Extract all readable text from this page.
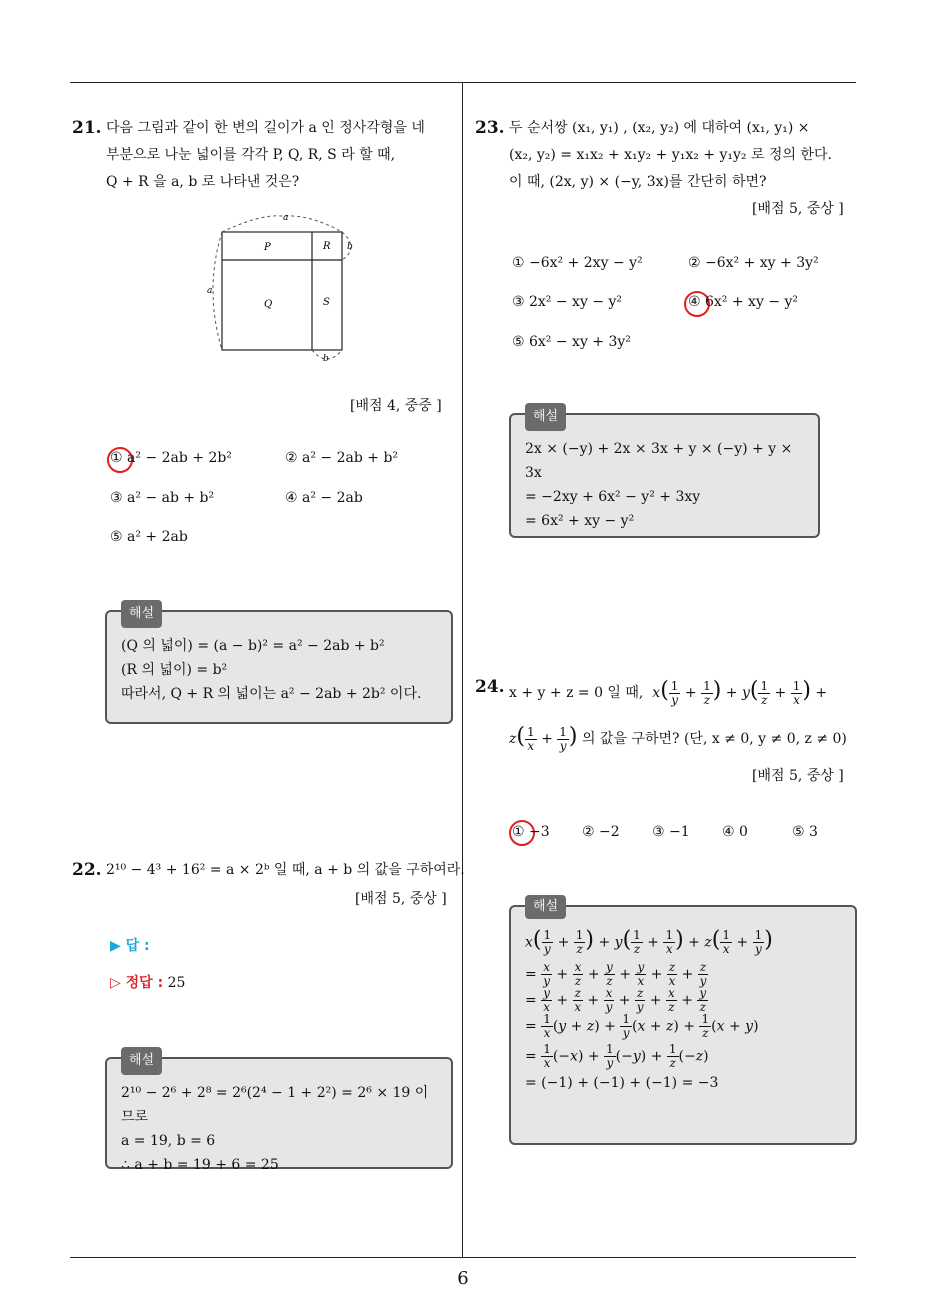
21. 다음 그림과 같이 한 변의 길이가 a 인 정사각형을 네
부분으로 나눈 넓이를 각각 P, Q, R, S 라 할 때,
Q + R 을 a, b 로 나타낸 것은?
a
a
b
b
P	R
Q	S
[배점 4, 중중 ]
① a² − 2ab + 2b²	② a² − 2ab + b²
③ a² − ab + b²	④ a² − 2ab
⑤ a² + 2ab
해설
(Q 의 넓이) = (a − b)² = a² − 2ab + b²
(R 의 넓이) = b²
따라서, Q + R 의 넓이는 a² − 2ab + 2b² 이다.
22. 2¹⁰ − 4³ + 16² = a × 2ᵇ 일 때, a + b 의 값을 구하여라.
[배점 5, 중상 ]
▶ 답 :
▷ 정답 : 25
해설
2¹⁰ − 2⁶ + 2⁸ = 2⁶(2⁴ − 1 + 2²) = 2⁶ × 19 이므로
a = 19, b = 6
∴ a + b = 19 + 6 = 25
23. 두 순서쌍 (x₁, y₁) , (x₂, y₂) 에 대하여 (x₁, y₁) ×
(x₂, y₂) = x₁x₂ + x₁y₂ + y₁x₂ + y₁y₂ 로 정의 한다.
이 때, (2x, y) × (−y, 3x)를 간단히 하면?
[배점 5, 중상 ]
① −6x² + 2xy − y²	② −6x² + xy + 3y²
③ 2x² − xy − y²	④ 6x² + xy − y²
⑤ 6x² − xy + 3y²
해설
2x × (−y) + 2x × 3x + y × (−y) + y × 3x
= −2xy + 6x² − y² + 3xy
= 6x² + xy − y²
24. x + y + z = 0 일 때,  $x( \frac{1}{y} + \frac{1}{z}$ ) + $y( \frac{1}{z} + \frac{1}{x}$ ) +
$z( \frac{1}{x} + \frac{1}{y}$ ) 의 값을 구하면? (단, x ≠ 0, y ≠ 0, z ≠ 0)
[배점 5, 중상 ]
① −3 ② −2 ③ −1 ④ 0	⑤ 3
해설
$x( \frac{1}{y} + \frac{1}{z}$ ) + $y( \frac{1}{z} + \frac{1}{x}$ ) + $z( \frac{1}{x} + \frac{1}{y}$ )
= $\frac{x}{y} + \frac{x}{z} + \frac{y}{z} + \frac{y}{x} + \frac{z}{x} + \frac{z}{y}$
= $\frac{y}{x} + \frac{z}{x} + \frac{x}{y} + \frac{z}{y} + \frac{x}{z} + \frac{y}{z}$
= $\frac{1}{x} (y + z) + \frac{1}{y} (x + z) + \frac{1}{z} (x + y)$
= $\frac{1}{x} (-x) + \frac{1}{y} (-y) + \frac{1}{z} (-z)$
= (−1) + (−1) + (−1) = −3
6
